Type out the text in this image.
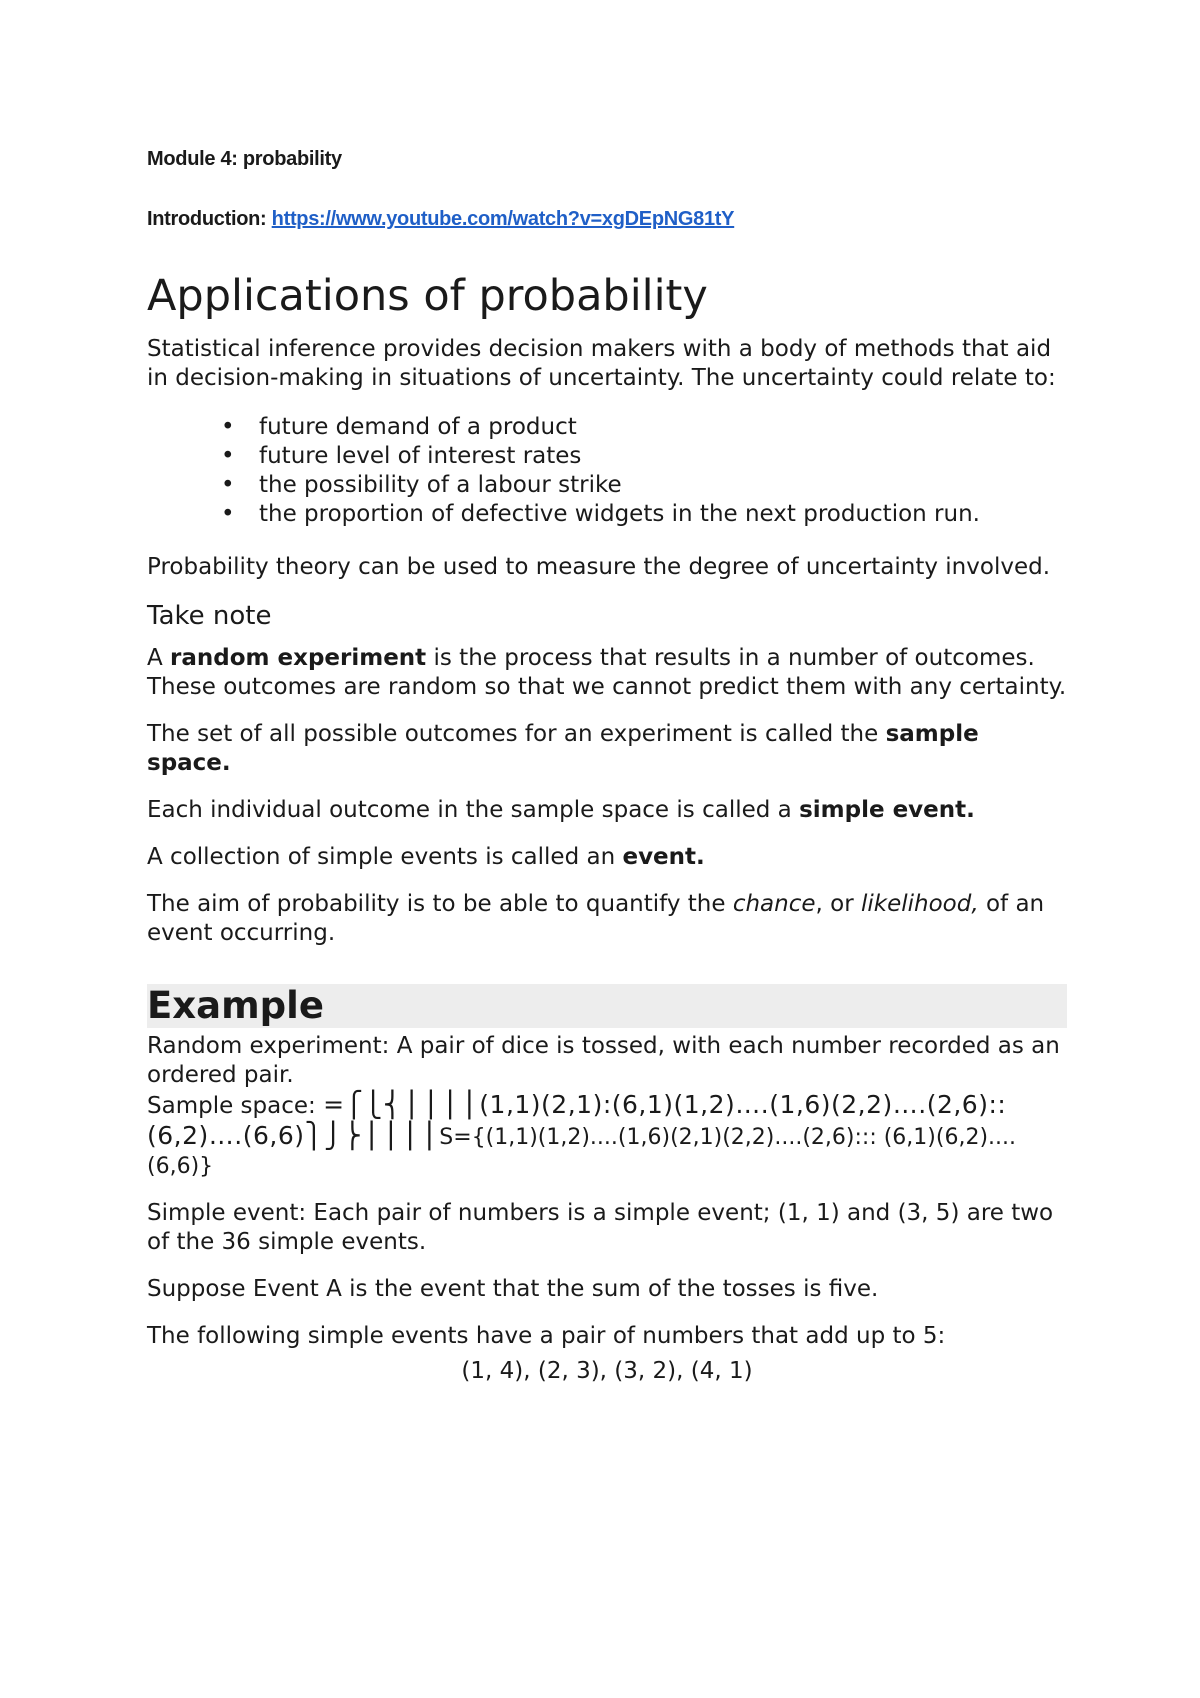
Module 4: probability

Introduction: https://www.youtube.com/watch?v=xgDEpNG81tY

Applications of probability

Statistical inference provides decision makers with a body of methods that aid in decision-making in situations of uncertainty. The uncertainty could relate to:

• future demand of a product
• future level of interest rates
• the possibility of a labour strike
• the proportion of defective widgets in the next production run.

Probability theory can be used to measure the degree of uncertainty involved.

Take note

A random experiment is the process that results in a number of outcomes. These outcomes are random so that we cannot predict them with any certainty.

The set of all possible outcomes for an experiment is called the sample space.

Each individual outcome in the sample space is called a simple event.

A collection of simple events is called an event.

The aim of probability is to be able to quantify the chance, or likelihood, of an event occurring.

Example

Random experiment: A pair of dice is tossed, with each number recorded as an ordered pair.

Sample space: =⎧⎩⎨⎪⎪⎪⎪(1,1)(2,1):(6,1)(1,2)….(1,6)(2,2)….(2,6)::(6,2)….(6,6)⎫⎭⎬⎪⎪⎪⎪S={(1,1)(1,2)....(1,6)(2,1)(2,2)....(2,6)::: (6,1)(6,2)....(6,6)}

Simple event: Each pair of numbers is a simple event; (1, 1) and (3, 5) are two of the 36 simple events.

Suppose Event A is the event that the sum of the tosses is five.

The following simple events have a pair of numbers that add up to 5:

(1, 4), (2, 3), (3, 2), (4, 1)
